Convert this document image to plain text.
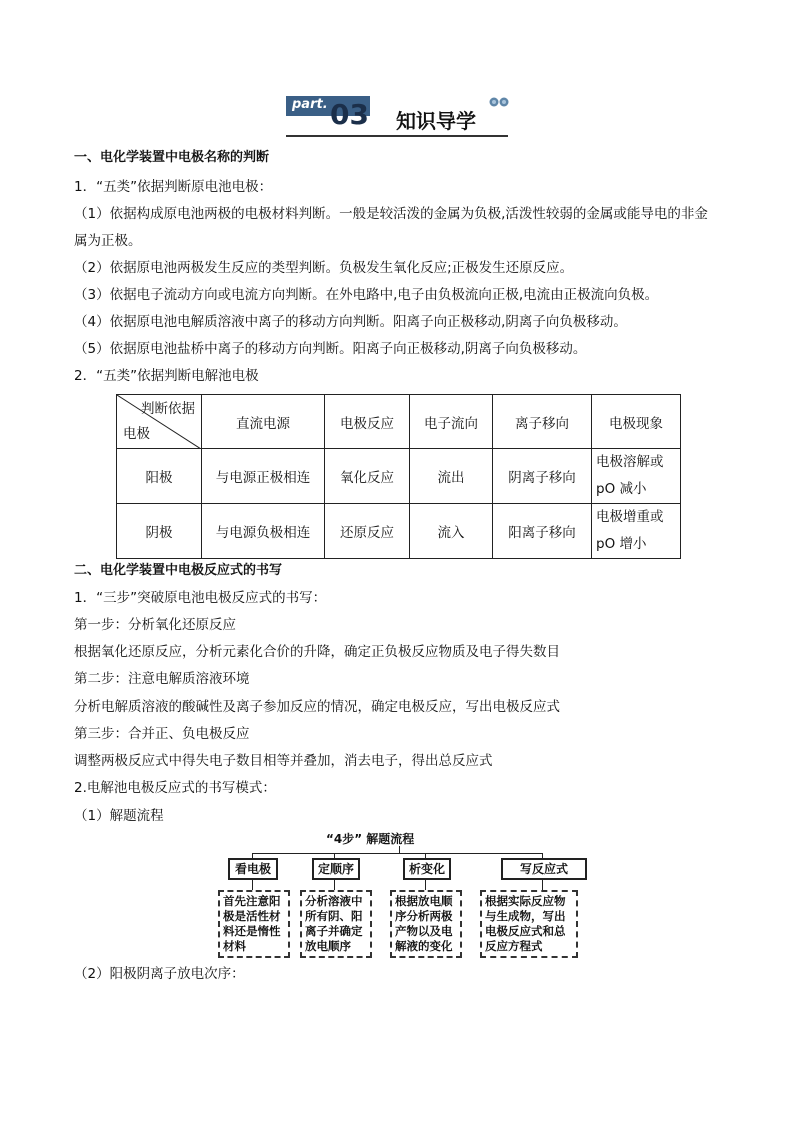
part. 03 知识导学
一、电化学装置中电极名称的判断
1．“五类”依据判断原电池电极：
（1）依据构成原电池两极的电极材料判断。一般是较活泼的金属为负极,活泼性较弱的金属或能导电的非金
属为正极。
（2）依据原电池两极发生反应的类型判断。负极发生氧化反应;正极发生还原反应。
（3）依据电子流动方向或电流方向判断。在外电路中,电子由负极流向正极,电流由正极流向负极。
（4）依据原电池电解质溶液中离子的移动方向判断。阳离子向正极移动,阴离子向负极移动。
（5）依据原电池盐桥中离子的移动方向判断。阳离子向正极移动,阴离子向负极移动。
2．“五类”依据判断电解池电极
判断依据
电极	直流电源	电极反应	电子流向	离子移向	电极现象
阳极	与电源正极相连	氧化反应	流出	阴离子移向	电极溶解或
pO 减小

阴极	与电源负极相连	还原反应	流入	阳离子移向	电极增重或
pO 增小
二、电化学装置中电极反应式的书写
1．“三步”突破原电池电极反应式的书写：
第一步：分析氧化还原反应
根据氧化还原反应，分析元素化合价的升降，确定正负极反应物质及电子得失数目
第二步：注意电解质溶液环境
分析电解质溶液的酸碱性及离子参加反应的情况，确定电极反应，写出电极反应式
第三步：合并正、负电极反应
调整两极反应式中得失电子数目相等并叠加，消去电子，得出总反应式
2.电解池电极反应式的书写模式：
（1）解题流程
“4步” 解题流程
看电极	定顺序	析变化	写反应式
首先注意阳极是活性材料还是惰性材料
分析溶液中所有阴、阳离子并确定放电顺序
根据放电顺序分析两极产物以及电解液的变化
根据实际反应物与生成物，写出电极反应式和总反应方程式
（2）阳极阴离子放电次序：
